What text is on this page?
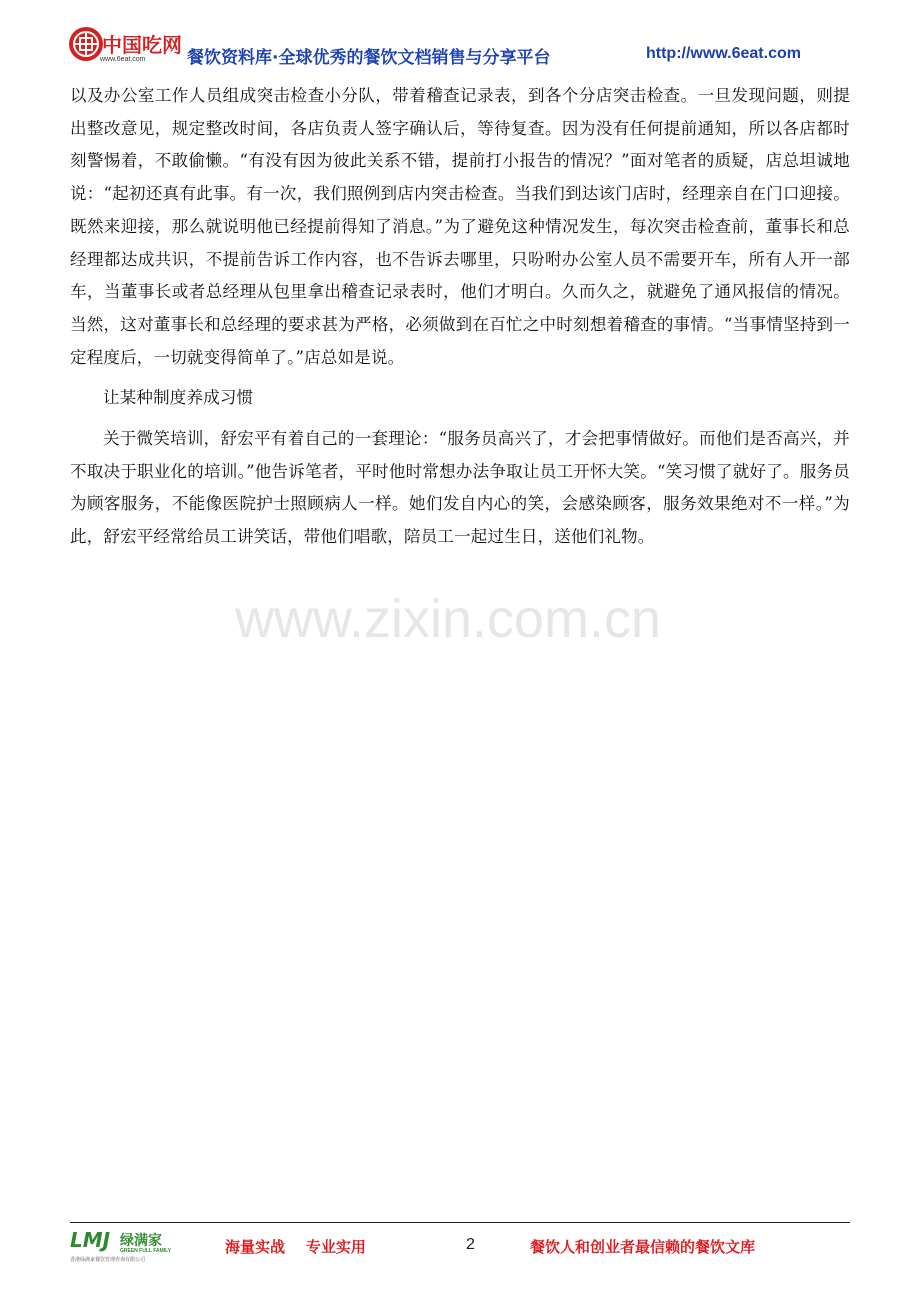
中国吃网
www.6eat.com 餐饮资料库·全球优秀的餐饮文档销售与分享平台	http://www.6eat.com
www.zixin.com.cn

以及办公室工作人员组成突击检查小分队，带着稽查记录表，到各个分店突击检查。一旦发现问题，则提出整改意见，规定整改时间，各店负责人签字确认后，等待复查。因为没有任何提前通知，所以各店都时刻警惕着，不敢偷懒。“有没有因为彼此关系不错，提前打小报告的情况？”面对笔者的质疑，店总坦诚地说：“起初还真有此事。有一次，我们照例到店内突击检查。当我们到达该门店时，经理亲自在门口迎接。既然来迎接，那么就说明他已经提前得知了消息。”为了避免这种情况发生，每次突击检查前，董事长和总经理都达成共识，不提前告诉工作内容，也不告诉去哪里，只吩咐办公室人员不需要开车，所有人开一部车，当董事长或者总经理从包里拿出稽查记录表时，他们才明白。久而久之，就避免了通风报信的情况。当然，这对董事长和总经理的要求甚为严格，必须做到在百忙之中时刻想着稽查的事情。“当事情坚持到一定程度后，一切就变得简单了。”店总如是说。

让某种制度养成习惯

关于微笑培训，舒宏平有着自己的一套理论：“服务员高兴了，才会把事情做好。而他们是否高兴，并不取决于职业化的培训。”他告诉笔者，平时他时常想办法争取让员工开怀大笑。“笑习惯了就好了。服务员为顾客服务，不能像医院护士照顾病人一样。她们发自内心的笑，会感染顾客，服务效果绝对不一样。”为此，舒宏平经常给员工讲笑话，带他们唱歌，陪员工一起过生日，送他们礼物。

LMJ 绿满家
GREEN FULL FAMILY
香港绿满家餐饮管理咨询有限公司
海量实战    专业实用	2	餐饮人和创业者最信赖的餐饮文库
